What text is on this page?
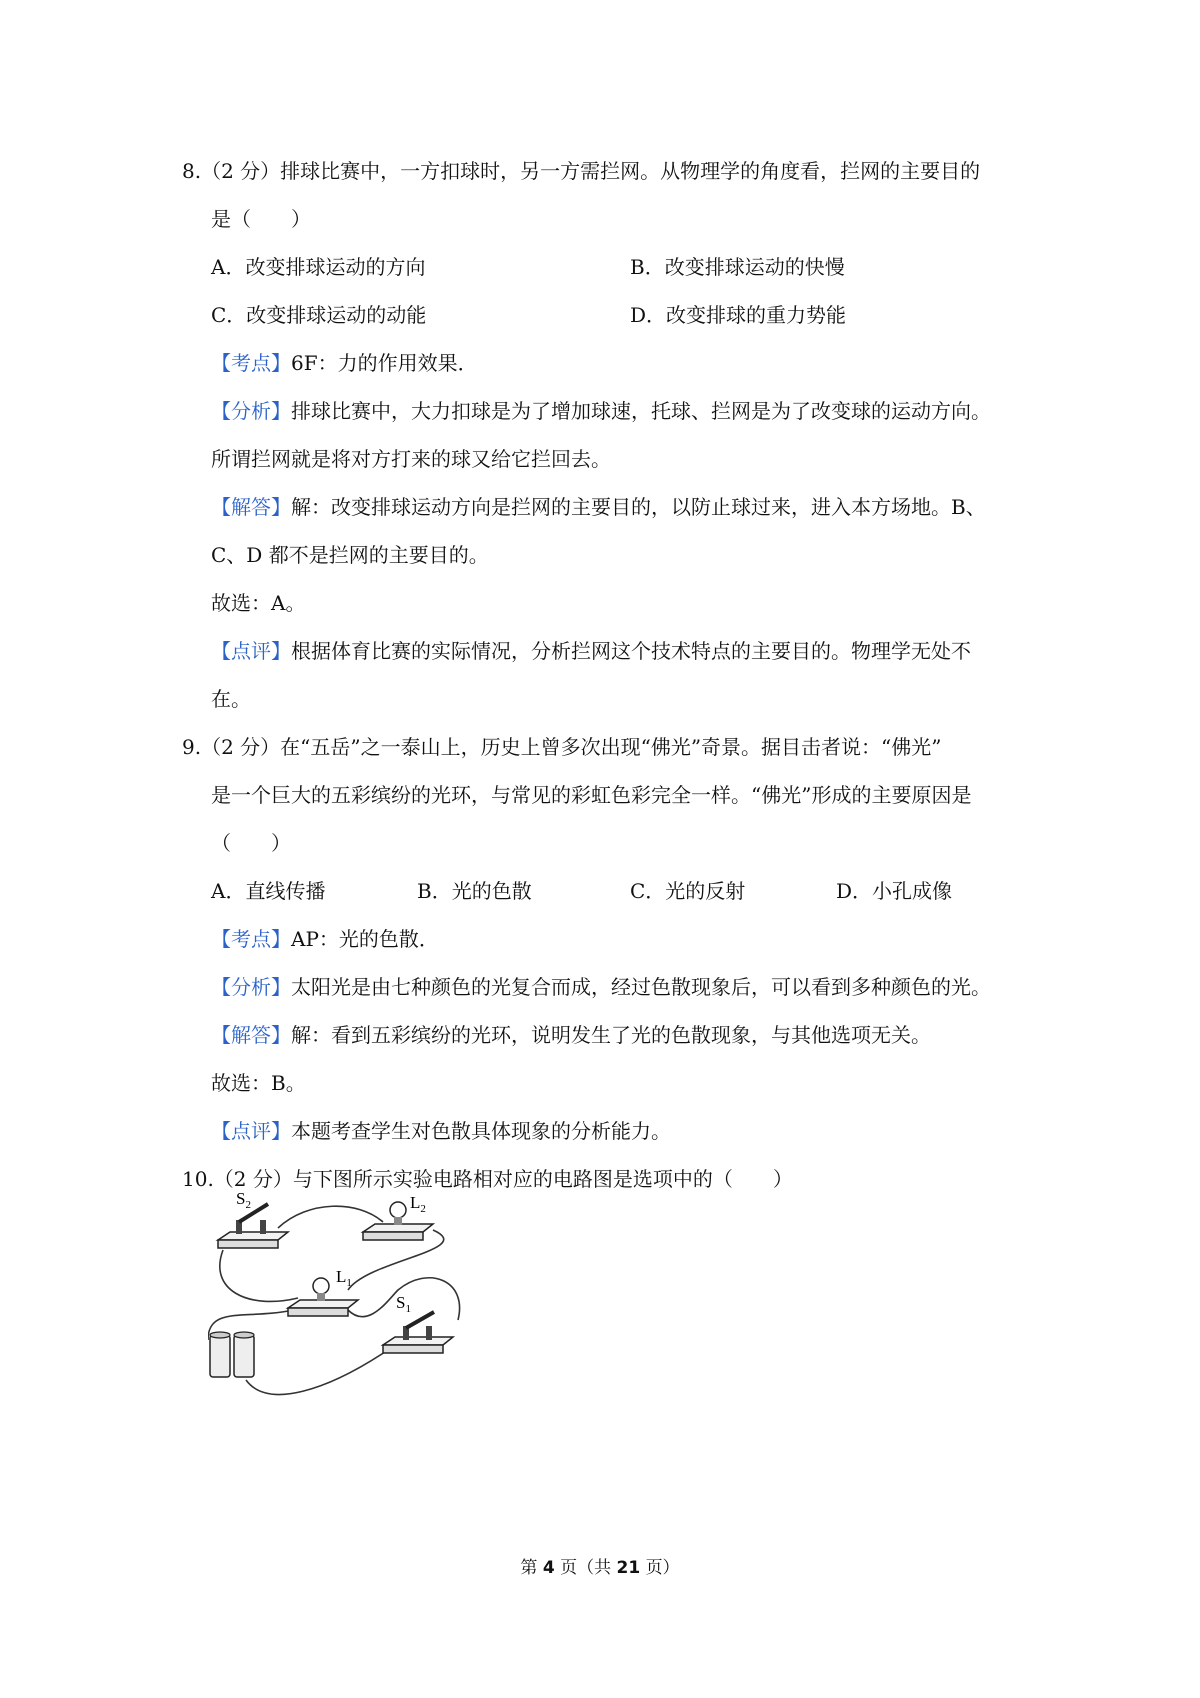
8.（2 分）排球比赛中，一方扣球时，另一方需拦网。从物理学的角度看，拦网的主要目的
是（　　）
A．改变排球运动的方向	B．改变排球运动的快慢
C．改变排球运动的动能	D．改变排球的重力势能
【考点】6F：力的作用效果．
【分析】排球比赛中，大力扣球是为了增加球速，托球、拦网是为了改变球的运动方向。
所谓拦网就是将对方打来的球又给它拦回去。
【解答】解：改变排球运动方向是拦网的主要目的，以防止球过来，进入本方场地。B、
C、D 都不是拦网的主要目的。
故选：A。
【点评】根据体育比赛的实际情况，分析拦网这个技术特点的主要目的。物理学无处不
在。
9.（2 分）在“五岳”之一泰山上，历史上曾多次出现“佛光”奇景。据目击者说：“佛光”
是一个巨大的五彩缤纷的光环，与常见的彩虹色彩完全一样。“佛光”形成的主要原因是
（　　）
A．直线传播	B．光的色散	C．光的反射	D．小孔成像
【考点】AP：光的色散．
【分析】太阳光是由七种颜色的光复合而成，经过色散现象后，可以看到多种颜色的光。
【解答】解：看到五彩缤纷的光环，说明发生了光的色散现象，与其他选项无关。
故选：B。
【点评】本题考查学生对色散具体现象的分析能力。
10.（2 分）与下图所示实验电路相对应的电路图是选项中的（　　）
$S_2$	$L_2$
$L_1$
$S_1$
第 4 页（共 21 页）
